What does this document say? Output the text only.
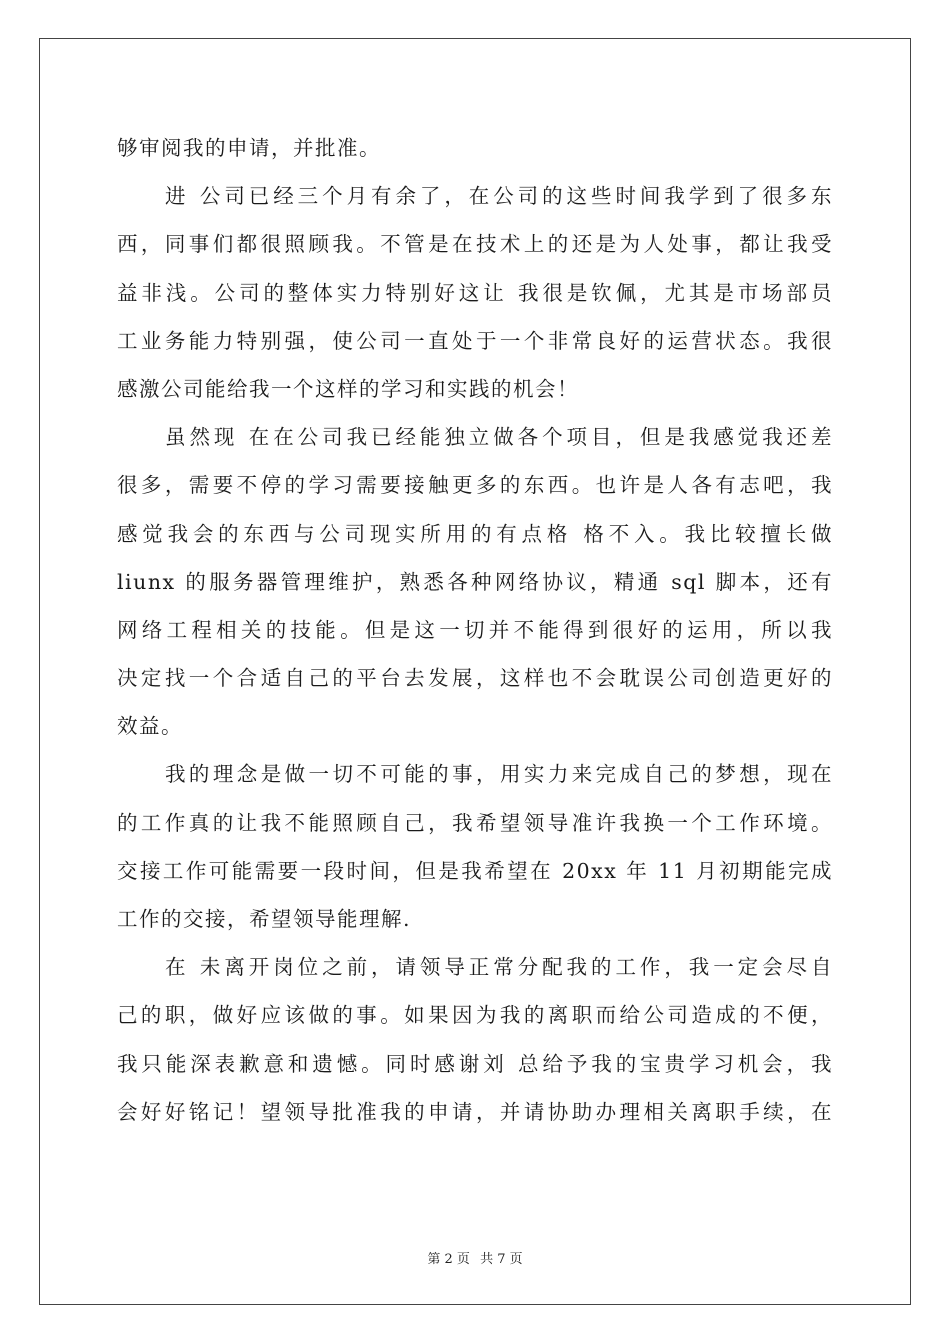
够审阅我的申请，并批准。
进 公司已经三个月有余了，在公司的这些时间我学到了很多东
西，同事们都很照顾我。不管是在技术上的还是为人处事，都让我受
益非浅。公司的整体实力特别好这让 我很是钦佩，尤其是市场部员
工业务能力特别强，使公司一直处于一个非常良好的运营状态。我很
感激公司能给我一个这样的学习和实践的机会！
虽然现 在在公司我已经能独立做各个项目，但是我感觉我还差
很多，需要不停的学习需要接触更多的东西。也许是人各有志吧，我
感觉我会的东西与公司现实所用的有点格 格不入。我比较擅长做
liunx 的服务器管理维护，熟悉各种网络协议，精通 sql 脚本，还有
网络工程相关的技能。但是这一切并不能得到很好的运用，所以我
决定找一个合适自己的平台去发展，这样也不会耽误公司创造更好的
效益。
我的理念是做一切不可能的事，用实力来完成自己的梦想，现在
的工作真的让我不能照顾自己，我希望领导准许我换一个工作环境。
交接工作可能需要一段时间，但是我希望在 20xx 年 11 月初期能完成
工作的交接，希望领导能理解.
在 未离开岗位之前，请领导正常分配我的工作，我一定会尽自
己的职，做好应该做的事。如果因为我的离职而给公司造成的不便，
我只能深表歉意和遗憾。同时感谢刘 总给予我的宝贵学习机会，我
会好好铭记！望领导批准我的申请，并请协助办理相关离职手续，在
第 2 页 共 7 页
